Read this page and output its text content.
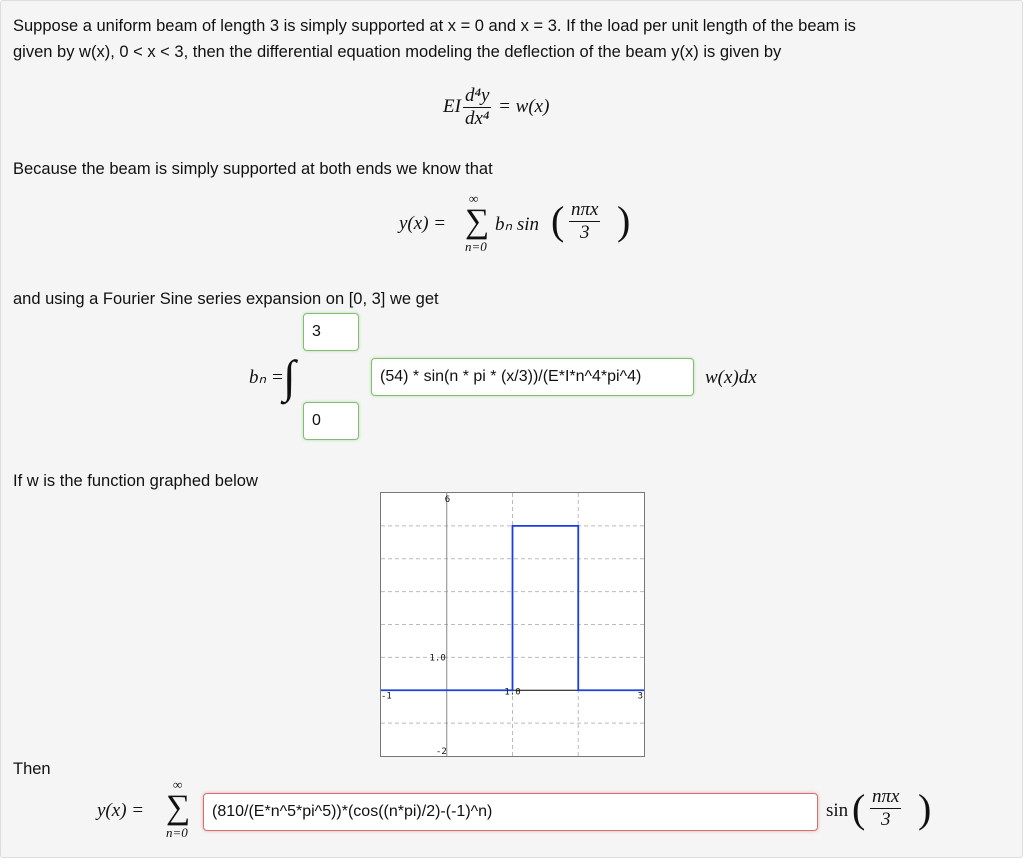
Suppose a uniform beam of length 3 is simply supported at x = 0 and x = 3. If the load per unit length of the beam is
given by w(x), 0 < x < 3, then the differential equation modeling the deflection of the beam y(x) is given by
EI $\frac{\text{d⁴y}}{\text{dx⁴}} = w(x)$
Because the beam is simply supported at both ends we know that
y(x) =
∞
∑
n=0
bₙ sin ( nπx
3 )
and using a Fourier Sine series expansion on [0, 3] we get
bₙ = ∫
3
0
(54) * sin(n * pi * (x/3))/(E*I*n^4*pi^4)	w(x)dx
If w is the function graphed below
6
-2
1.0
1.0
-1	3
Then
y(x) =
∞
∑
n=0
(810/(E*n^5*pi^5))*(cos((n*pi)/2)-(-1)^n)	sin ( nπx
3 )
